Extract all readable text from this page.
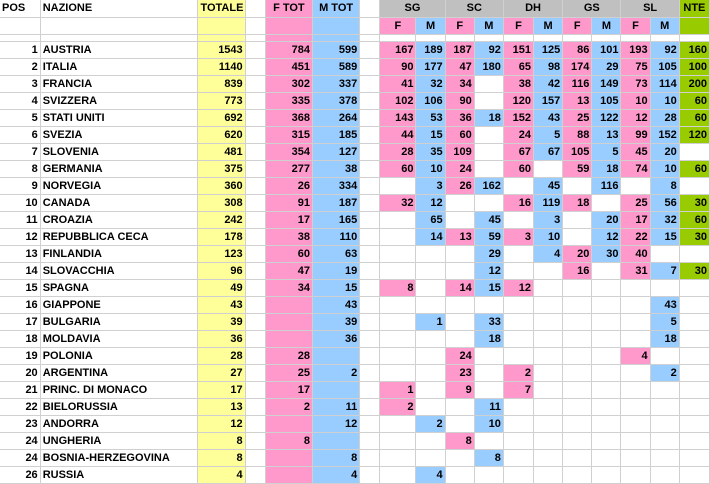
POS	NAZIONE	TOTALE		F TOT	M TOT		SG		SC		DH		GS		SL		NTE
							F	M	F	M	F	M	F	M	F	M	

1	AUSTRIA	1543		784	599		167	189	187	92	151	125	86	101	193	92	160
2	ITALIA	1140		451	589		90	177	47	180	65	98	174	29	75	105	100
3	FRANCIA	839		302	337		41	32	34		38	42	116	149	73	114	200
4	SVIZZERA	773		335	378		102	106	90		120	157	13	105	10	10	60
5	STATI UNITI	692		368	264		143	53	36	18	152	43	25	122	12	28	60
6	SVEZIA	620		315	185		44	15	60		24	5	88	13	99	152	120
7	SLOVENIA	481		354	127		28	35	109		67	67	105	5	45	20	
8	GERMANIA	375		277	38		60	10	24		60		59	18	74	10	60
9	NORVEGIA	360		26	334			3	26	162		45		116		8	
10	CANADA	308		91	187		32	12			16	119	18		25	56	30
11	CROAZIA	242		17	165			65		45		3		20	17	32	60
12	REPUBBLICA CECA	178		38	110			14	13	59	3	10		12	22	15	30
13	FINLANDIA	123		60	63					29		4	20	30	40		
14	SLOVACCHIA	96		47	19					12			16		31	7	30
15	SPAGNA	49		34	15		8		14	15	12						
16	GIAPPONE	43			43											43	
17	BULGARIA	39			39			1		33						5	
18	MOLDAVIA	36			36					18						18	
19	POLONIA	28		28					24						4		
20	ARGENTINA	27		25	2				23		2					2	
21	PRINC. DI MONACO	17		17			1		9		7						
22	BIELORUSSIA	13		2	11		2			11							
23	ANDORRA	12			12			2		10							
24	UNGHERIA	8		8					8								
24	BOSNIA-HERZEGOVINA	8			8					8							
26	RUSSIA	4			4			4									
